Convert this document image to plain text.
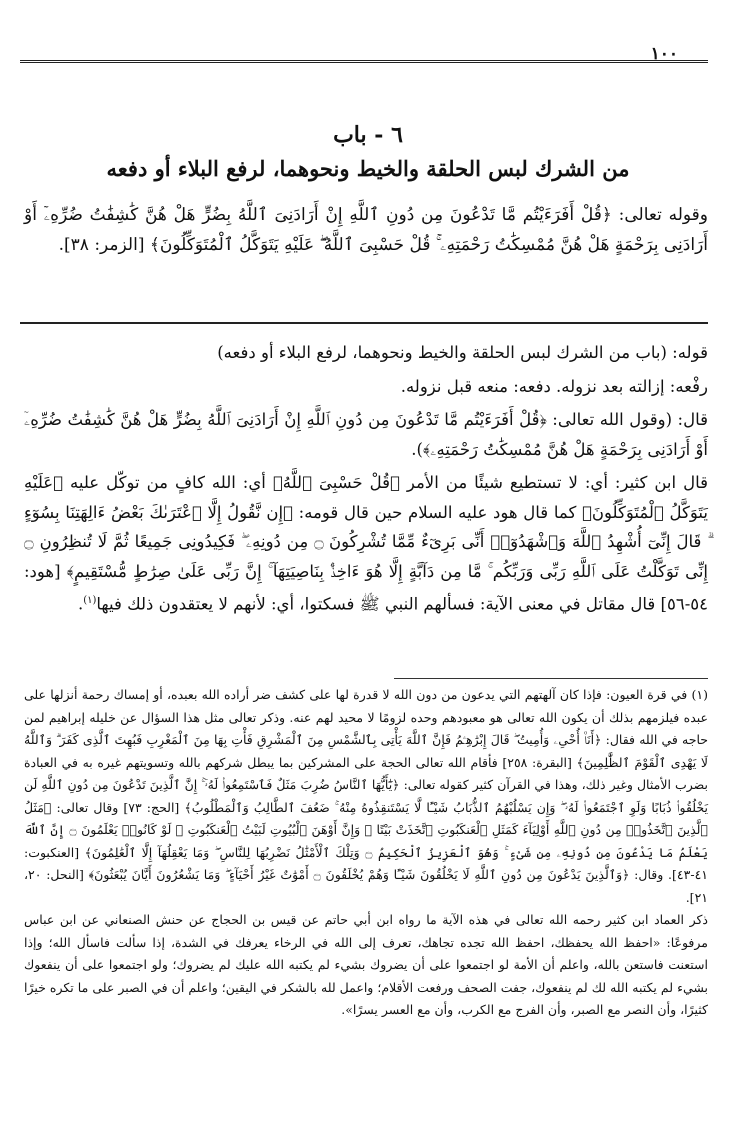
١٠٠
٦ - باب
من الشرك لبس الحلقة والخيط ونحوهما، لرفع البلاء أو دفعه
وقوله تعالى: ﴿قُلْ أَفَرَءَيْتُم مَّا تَدْعُونَ مِن دُونِ ٱللَّهِ إِنْ أَرَادَنِىَ ٱللَّهُ بِضُرٍّ هَلْ هُنَّ كَٰشِفَٰتُ ضُرِّهِۦٓ أَوْ أَرَادَنِى بِرَحْمَةٍ هَلْ هُنَّ مُمْسِكَٰتُ رَحْمَتِهِۦ ۚ قُلْ حَسْبِىَ ٱللَّهُ ۖ عَلَيْهِ يَتَوَكَّلُ ٱلْمُتَوَكِّلُونَ﴾ [الزمر: ٣٨].

قوله: (باب من الشرك لبس الحلقة والخيط ونحوهما، لرفع البلاء أو دفعه)

رفْعه: إزالته بعد نزوله. دفعه: منعه قبل نزوله.

قال: (وقول الله تعالى: ﴿قُلْ أَفَرَءَيْتُم مَّا تَدْعُونَ مِن دُونِ ٱللَّهِ إِنْ أَرَادَنِىَ ٱللَّهُ بِضُرٍّ هَلْ هُنَّ كَٰشِفَٰتُ ضُرِّهِۦٓ أَوْ أَرَادَنِى بِرَحْمَةٍ هَلْ هُنَّ مُمْسِكَٰتُ رَحْمَتِهِۦ﴾).

قال ابن كثير: أي: لا تستطيع شيئًا من الأمر ﴿قُلْ حَسْبِىَ ٱللَّهُ﴾ أي: الله كافٍ من توكّل عليه ﴿عَلَيْهِ يَتَوَكَّلُ ٱلْمُتَوَكِّلُونَ﴾ كما قال هود عليه السلام حين قال قومه: ﴿إِن نَّقُولُ إِلَّا ٱعْتَرَىٰكَ بَعْضُ ءَالِهَتِنَا بِسُوٓءٍ ۗ قَالَ إِنِّىٓ أُشْهِدُ ٱللَّهَ وَٱشْهَدُوٓا۟ أَنِّى بَرِىٓءٌ مِّمَّا تُشْرِكُونَ ۝ مِن دُونِهِۦ ۖ فَكِيدُونِى جَمِيعًا ثُمَّ لَا تُنظِرُونِ ۝ إِنِّى تَوَكَّلْتُ عَلَى ٱللَّهِ رَبِّى وَرَبِّكُم ۚ مَّا مِن دَآبَّةٍ إِلَّا هُوَ ءَاخِذٌۢ بِنَاصِيَتِهَآ ۚ إِنَّ رَبِّى عَلَىٰ صِرَٰطٍ مُّسْتَقِيمٍ﴾ [هود: ٥٤-٥٦] قال مقاتل في معنى الآية: فسألهم النبي ﷺ فسكتوا، أي: لأنهم لا يعتقدون ذلك فيها$^{(١)}$.

(١) في قرة العيون: فإذا كان آلهتهم التي يدعون من دون الله لا قدرة لها على كشف ضر أراده الله بعبده، أو إمساك رحمة أنزلها على عبده فيلزمهم بذلك أن يكون الله تعالى هو معبودهم وحده لزومًا لا محيد لهم عنه. وذكر تعالى مثل هذا السؤال عن خليله إبراهيم لمن حاجه في الله فقال: ﴿أَنَا۠ أُحْىِۦ وَأُمِيتُ ۖ قَالَ إِبْرَٰهِـۧمُ فَإِنَّ ٱللَّهَ يَأْتِى بِٱلشَّمْسِ مِنَ ٱلْمَشْرِقِ فَأْتِ بِهَا مِنَ ٱلْمَغْرِبِ فَبُهِتَ ٱلَّذِى كَفَرَ ۗ وَٱللَّهُ لَا يَهْدِى ٱلْقَوْمَ ٱلظَّٰلِمِينَ﴾ [البقرة: ٢٥٨] فأقام الله تعالى الحجة على المشركين بما يبطل شركهم بالله وتسويتهم غيره به في العبادة بضرب الأمثال وغير ذلك، وهذا في القرآن كثير كقوله تعالى: ﴿يَٰٓأَيُّهَا ٱلنَّاسُ ضُرِبَ مَثَلٌ فَٱسْتَمِعُوا۟ لَهُۥٓ ۚ إِنَّ ٱلَّذِينَ تَدْعُونَ مِن دُونِ ٱللَّهِ لَن يَخْلُقُوا۟ ذُبَابًا وَلَوِ ٱجْتَمَعُوا۟ لَهُۥ ۖ وَإِن يَسْلُبْهُمُ ٱلذُّبَابُ شَيْـًٔا لَّا يَسْتَنقِذُوهُ مِنْهُ ۚ ضَعُفَ ٱلطَّالِبُ وَٱلْمَطْلُوبُ﴾ [الحج: ٧٣] وقال تعالى: ﴿مَثَلُ ٱلَّذِينَ ٱتَّخَذُوا۟ مِن دُونِ ٱللَّهِ أَوْلِيَآءَ كَمَثَلِ ٱلْعَنكَبُوتِ ٱتَّخَذَتْ بَيْتًا ۖ وَإِنَّ أَوْهَنَ ٱلْبُيُوتِ لَبَيْتُ ٱلْعَنكَبُوتِ ۖ لَوْ كَانُوا۟ يَعْلَمُونَ ۝ إِنَّ ٱللَّهَ يَعْلَمُ مَا يَدْعُونَ مِن دُونِهِۦ مِن شَىْءٍ ۚ وَهُوَ ٱلْعَزِيزُ ٱلْحَكِيمُ ۝ وَتِلْكَ ٱلْأَمْثَٰلُ نَضْرِبُهَا لِلنَّاسِ ۖ وَمَا يَعْقِلُهَآ إِلَّا ٱلْعَٰلِمُونَ﴾ [العنكبوت: ٤١-٤٣]. وقال: ﴿وَٱلَّذِينَ يَدْعُونَ مِن دُونِ ٱللَّهِ لَا يَخْلُقُونَ شَيْـًٔا وَهُمْ يُخْلَقُونَ ۝ أَمْوَٰتٌ غَيْرُ أَحْيَآءٍ ۖ وَمَا يَشْعُرُونَ أَيَّانَ يُبْعَثُونَ﴾ [النحل: ٢٠، ٢١].

ذكر العماد ابن كثير رحمه الله تعالى في هذه الآية ما رواه ابن أبي حاتم عن قيس بن الحجاج عن حنش الصنعاني عن ابن عباس مرفوعًا: «احفظ الله يحفظك، احفظ الله تجده تجاهك، تعرف إلى الله في الرخاء يعرفك في الشدة، إذا سألت فاسأل الله؛ وإذا استعنت فاستعن بالله، واعلم أن الأمة لو اجتمعوا على أن يضروك بشيء لم يكتبه الله عليك لم يضروك؛ ولو اجتمعوا على أن ينفعوك بشيء لم يكتبه الله لك لم ينفعوك، جفت الصحف ورفعت الأقلام؛ واعمل لله بالشكر في اليقين؛ واعلم أن في الصبر على ما تكره خيرًا كثيرًا، وأن النصر مع الصبر، وأن الفرج مع الكرب، وأن مع العسر يسرًا».
